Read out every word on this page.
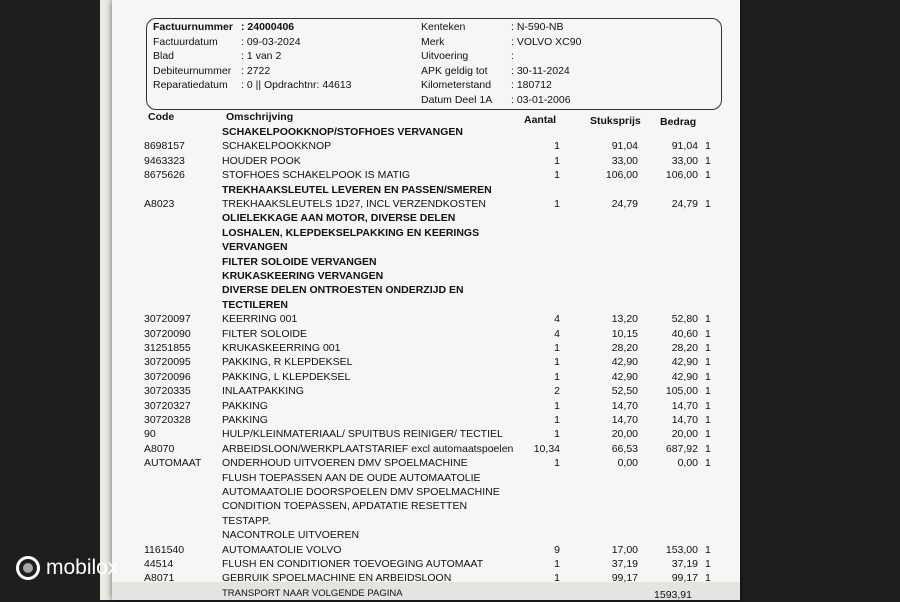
Factuurnummer : 24000406
Factuurdatum : 09-03-2024
Blad	: 1 van 2
Debiteurnummer : 2722
Reparatiedatum : 0 || Opdrachtnr: 44613
Kenteken	: N-590-NB
Merk	: VOLVO XC90
Uitvoering	:
APK geldig tot : 30-11-2024
Kilometerstand : 180712
Datum Deel 1A : 03-01-2006
Code	Omschrijving	Aantal	Stuksprijs Bedrag
SCHAKELPOOKKNOP/STOFHOES VERVANGEN
8698157	SCHAKELPOOKKNOP	1	91,04	91,04 1
9463323	HOUDER POOK	1	33,00	33,00 1
8675626	STOFHOES SCHAKELPOOK IS MATIG	1	106,00	106,00 1
TREKHAAKSLEUTEL LEVEREN EN PASSEN/SMEREN
A8023	TREKHAAKSLEUTELS 1D27, INCL VERZENDKOSTEN	1	24,79	24,79 1
OLIELEKKAGE AAN MOTOR, DIVERSE DELEN
LOSHALEN, KLEPDEKSELPAKKING EN KEERINGS
VERVANGEN
FILTER SOLOIDE VERVANGEN
KRUKASKEERING VERVANGEN
DIVERSE DELEN ONTROESTEN ONDERZIJD EN
TECTILEREN
30720097	KEERRING 001	4	13,20	52,80 1
30720090	FILTER SOLOIDE	4	10,15	40,60 1
31251855	KRUKASKEERRING 001	1	28,20	28,20 1
30720095	PAKKING, R KLEPDEKSEL	1	42,90	42,90 1
30720096	PAKKING, L KLEPDEKSEL	1	42,90	42,90 1
30720335	INLAATPAKKING	2	52,50	105,00 1
30720327	PAKKING	1	14,70	14,70 1
30720328	PAKKING	1	14,70	14,70 1
90	HULP/KLEINMATERIAAL/ SPUITBUS REINIGER/ TECTIEL	1	20,00	20,00 1
A8070	ARBEIDSLOON/WERKPLAATSTARIEF excl automaatspoelen	10,34	66,53	687,92 1
AUTOMAAT ONDERHOUD UITVOEREN DMV SPOELMACHINE	1	0,00	0,00 1
FLUSH TOEPASSEN AAN DE OUDE AUTOMAATOLIE
AUTOMAATOLIE DOORSPOELEN DMV SPOELMACHINE
CONDITION TOEPASSEN, APDATATIE RESETTEN
TESTAPP.
NACONTROLE UITVOEREN
1161540	AUTOMAATOLIE VOLVO	9	17,00	153,00 1
44514	FLUSH EN CONDITIONER TOEVOEGING AUTOMAAT	1	37,19	37,19 1
A8071	GEBRUIK SPOELMACHINE EN ARBEIDSLOON	1	99,17	99,17 1
TRANSPORT NAAR VOLGENDE PAGINA	1593,91
mobilox
